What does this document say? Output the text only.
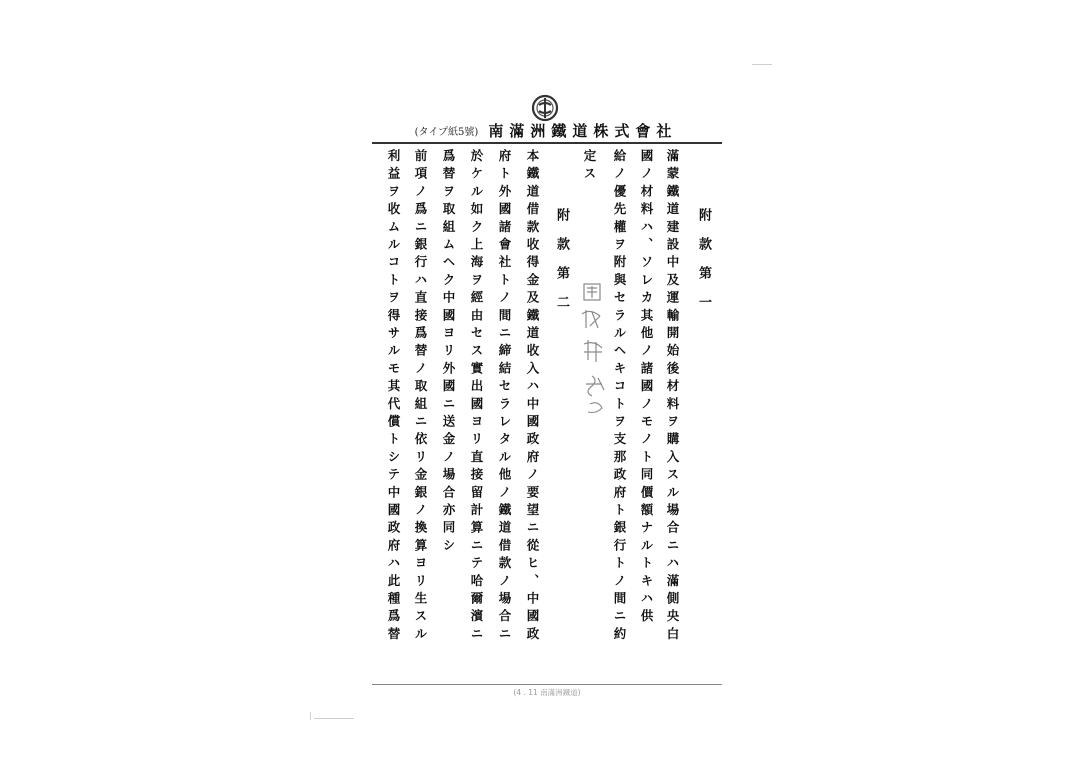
(タイプ紙5號) 南滿洲鐵道株式會社
附款第一
滿蒙鐵道建設中及運輸開始後材料ヲ購入スル場合ニハ滿側央白
國ノ材料ハ、ソレカ其他ノ諸國ノモノト同價額ナルトキハ供
給ノ優先權ヲ附與セラルヘキコトヲ支那政府ト銀行トノ間ニ約
定ス
附款第二
本鐵道借款收得金及鐵道收入ハ中國政府ノ要望ニ從ヒ、中國政
府ト外國諸會社トノ間ニ締結セラレタル他ノ鐵道借款ノ場合ニ
於ケル如ク上海ヲ經由セス實出國ヨリ直接留計算ニテ哈爾濱ニ
爲替ヲ取組ムヘク中國ヨリ外國ニ送金ノ場合亦同シ
前項ノ爲ニ銀行ハ直接爲替ノ取組ニ依リ金銀ノ換算ヨリ生スル
利益ヲ收ムルコトヲ得サルモ其代償トシテ中國政府ハ此種爲替
(4 . 11 南滿洲鐵道)
